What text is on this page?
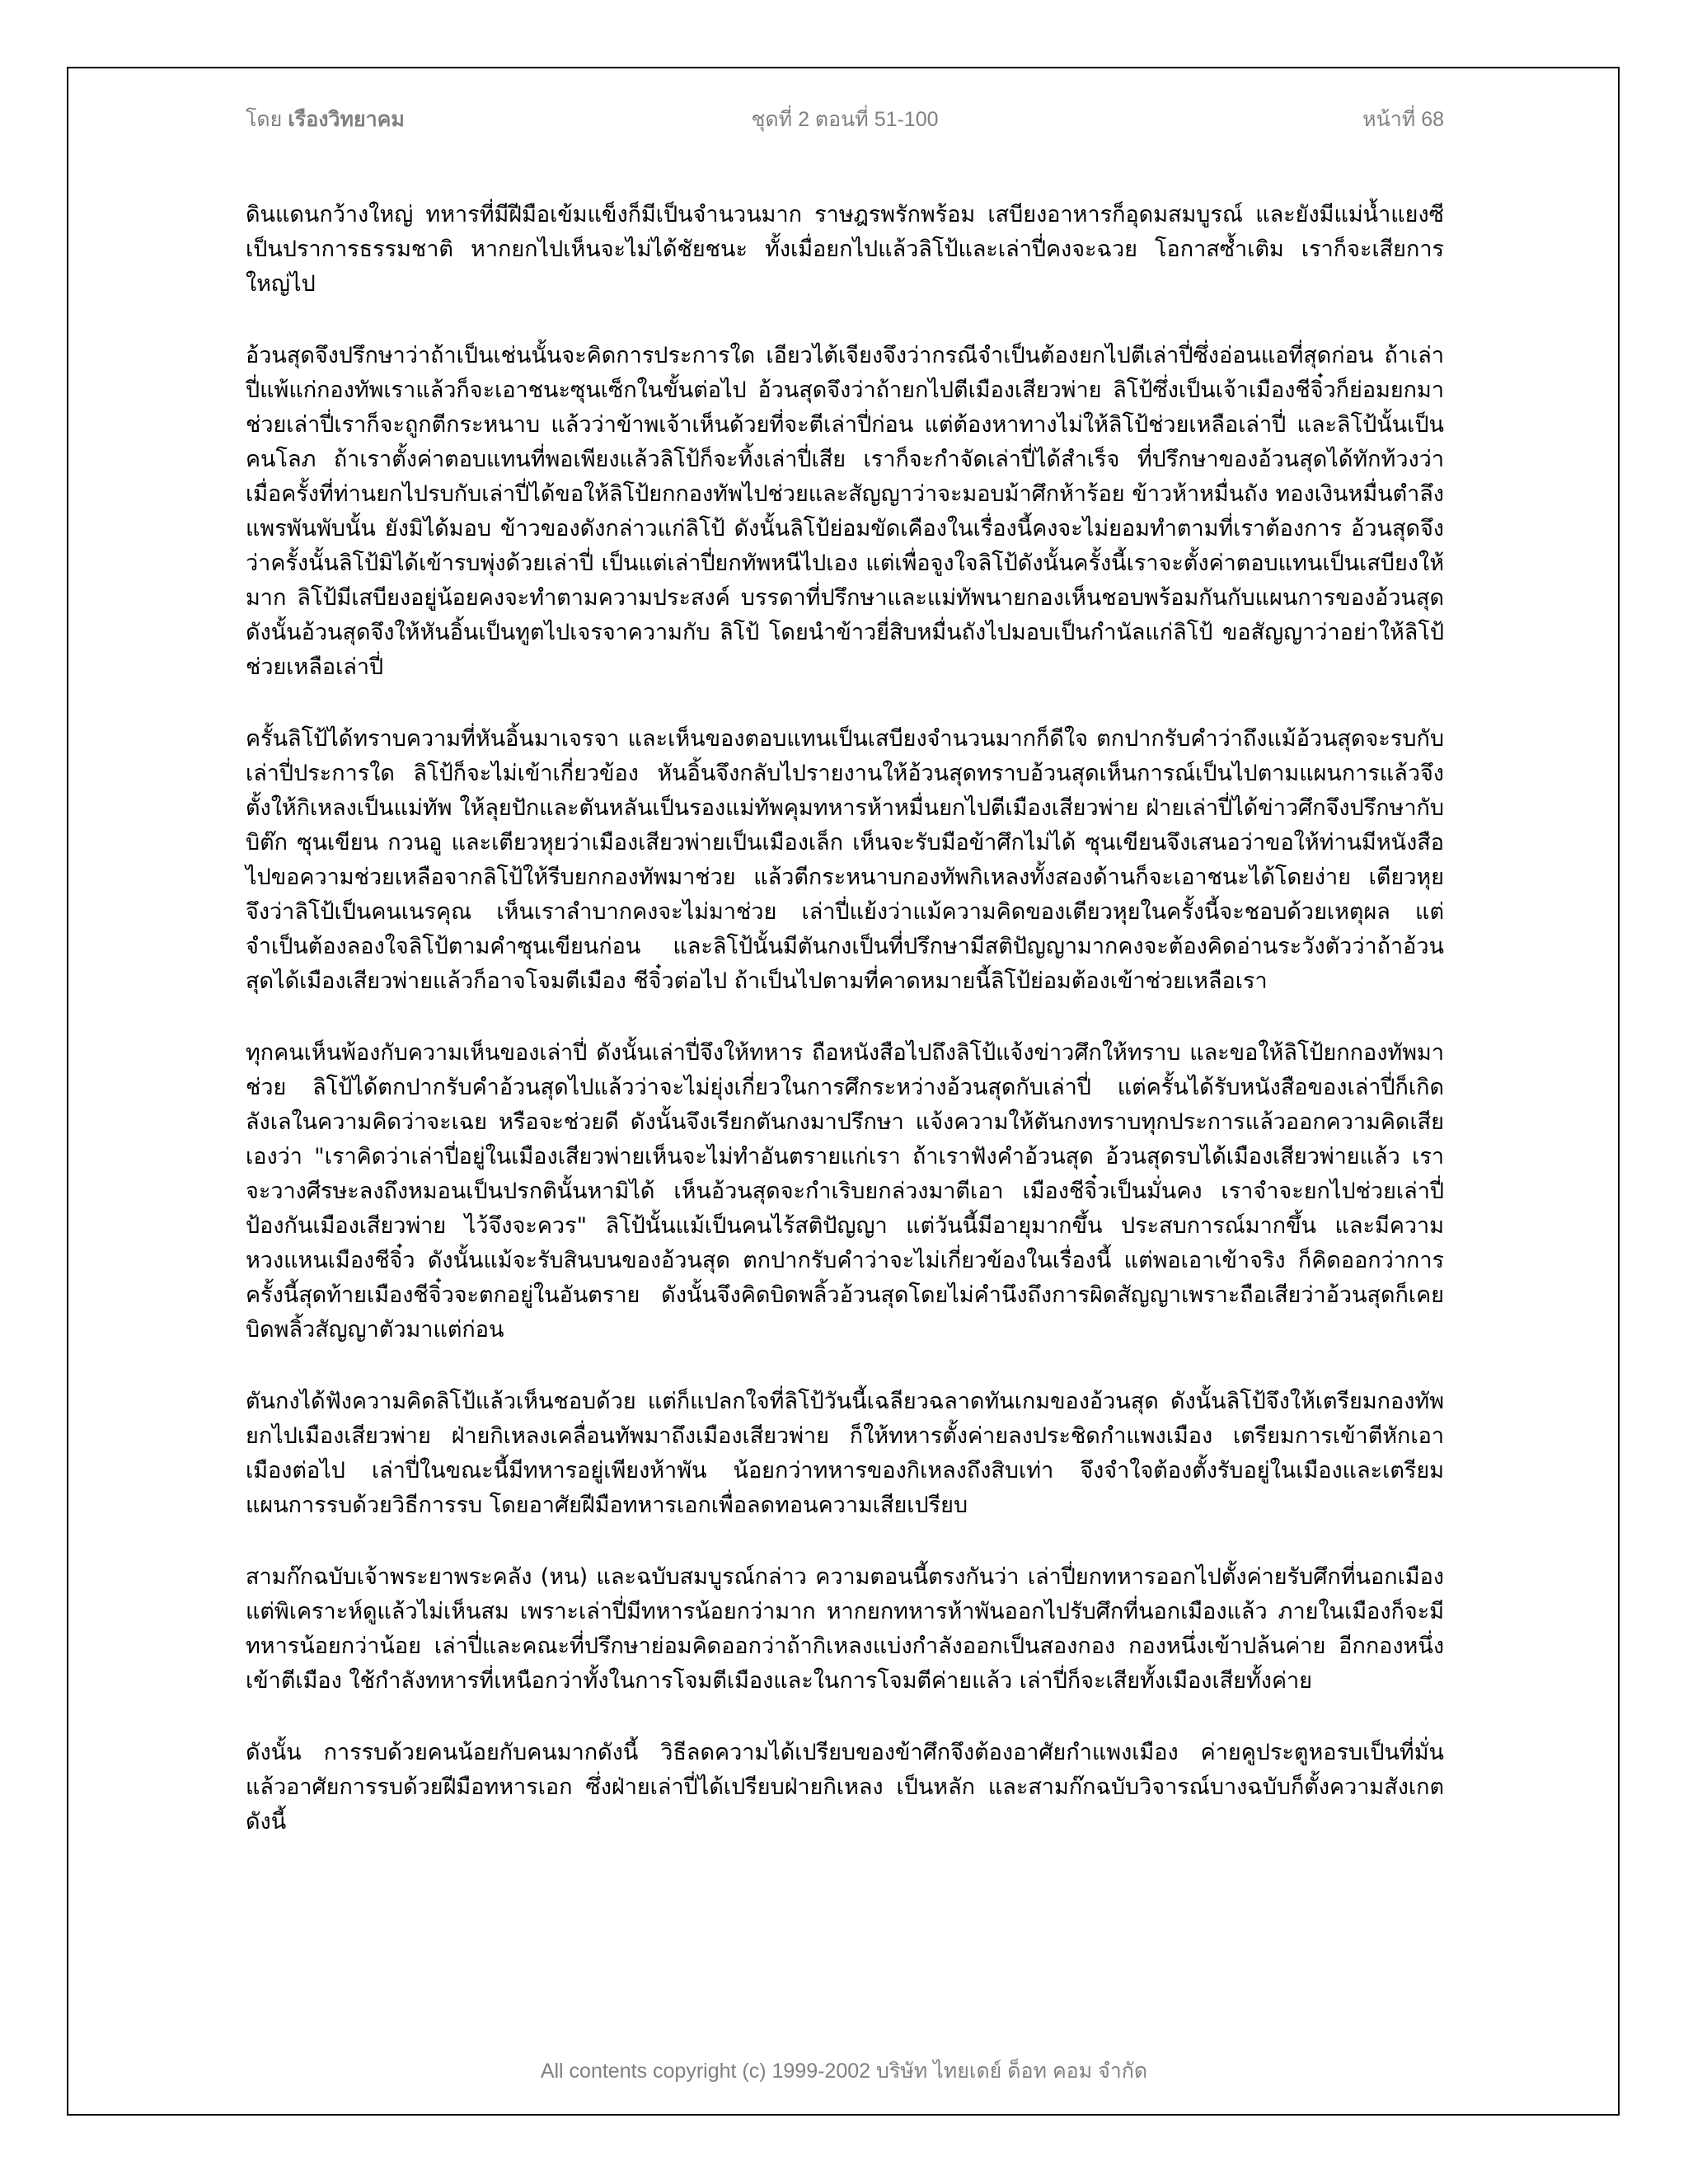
โดย เรืองวิทยาคม	ชุดที่ 2 ตอนที่ 51-100	หน้าที่ 68

ดินแดนกว้างใหญ่ ทหารที่มีฝีมือเข้มแข็งก็มีเป็นจำนวนมาก ราษฎรพรักพร้อม เสบียงอาหารก็อุดมสมบูรณ์ และยังมีแม่น้ำแยงซีเป็นปราการธรรมชาติ หากยกไปเห็นจะไม่ได้ชัยชนะ ทั้งเมื่อยกไปแล้วลิโป้และเล่าปี่คงจะฉวย โอกาสซ้ำเติม เราก็จะเสียการใหญ่ไป

อ้วนสุดจึงปรึกษาว่าถ้าเป็นเช่นนั้นจะคิดการประการใด เอียวไต้เจียงจึงว่ากรณีจำเป็นต้องยกไปตีเล่าปี่ซึ่งอ่อนแอที่สุดก่อน ถ้าเล่าปี่แพ้แก่กองทัพเราแล้วก็จะเอาชนะซุนเซ็กในขั้นต่อไป อ้วนสุดจึงว่าถ้ายกไปตีเมืองเสียวพ่าย ลิโป้ซึ่งเป็นเจ้าเมืองชีจิ๋วก็ย่อมยกมาช่วยเล่าปี่เราก็จะถูกตีกระหนาบ แล้วว่าข้าพเจ้าเห็นด้วยที่จะตีเล่าปี่ก่อน แต่ต้องหาทางไม่ให้ลิโป้ช่วยเหลือเล่าปี่ และลิโป้นั้นเป็นคนโลภ ถ้าเราตั้งค่าตอบแทนที่พอเพียงแล้วลิโป้ก็จะทิ้งเล่าปี่เสีย เราก็จะกำจัดเล่าปี่ได้สำเร็จ ที่ปรึกษาของอ้วนสุดได้ทักท้วงว่า เมื่อครั้งที่ท่านยกไปรบกับเล่าปี่ได้ขอให้ลิโป้ยกกองทัพไปช่วยและสัญญาว่าจะมอบม้าศึกห้าร้อย ข้าวห้าหมื่นถัง ทองเงินหมื่นตำลึง แพรพันพับนั้น ยังมิได้มอบ ข้าวของดังกล่าวแก่ลิโป้ ดังนั้นลิโป้ย่อมขัดเคืองในเรื่องนี้คงจะไม่ยอมทำตามที่เราต้องการ อ้วนสุดจึงว่าครั้งนั้นลิโป้มิได้เข้ารบพุ่งด้วยเล่าปี่ เป็นแต่เล่าปี่ยกทัพหนีไปเอง แต่เพื่อจูงใจลิโป้ดังนั้นครั้งนี้เราจะตั้งค่าตอบแทนเป็นเสบียงให้มาก ลิโป้มีเสบียงอยู่น้อยคงจะทำตามความประสงค์ บรรดาที่ปรึกษาและแม่ทัพนายกองเห็นชอบพร้อมกันกับแผนการของอ้วนสุด ดังนั้นอ้วนสุดจึงให้หันอิ้นเป็นทูตไปเจรจาความกับ ลิโป้ โดยนำข้าวยี่สิบหมื่นถังไปมอบเป็นกำนัลแก่ลิโป้ ขอสัญญาว่าอย่าให้ลิโป้ช่วยเหลือเล่าปี่

ครั้นลิโป้ได้ทราบความที่หันอิ้นมาเจรจา และเห็นของตอบแทนเป็นเสบียงจำนวนมากก็ดีใจ ตกปากรับคำว่าถึงแม้อ้วนสุดจะรบกับเล่าปี่ประการใด ลิโป้ก็จะไม่เข้าเกี่ยวข้อง หันอิ้นจึงกลับไปรายงานให้อ้วนสุดทราบอ้วนสุดเห็นการณ์เป็นไปตามแผนการแล้วจึงตั้งให้กิเหลงเป็นแม่ทัพ ให้ลุยปักและตันหลันเป็นรองแม่ทัพคุมทหารห้าหมื่นยกไปตีเมืองเสียวพ่าย ฝ่ายเล่าปี่ได้ข่าวศึกจึงปรึกษากับบิต๊ก ซุนเขียน กวนอู และเตียวหุยว่าเมืองเสียวพ่ายเป็นเมืองเล็ก เห็นจะรับมือข้าศึกไม่ได้ ซุนเขียนจึงเสนอว่าขอให้ท่านมีหนังสือไปขอความช่วยเหลือจากลิโป้ให้รีบยกกองทัพมาช่วย แล้วตีกระหนาบกองทัพกิเหลงทั้งสองด้านก็จะเอาชนะได้โดยง่าย เตียวหุยจึงว่าลิโป้เป็นคนเนรคุณ เห็นเราลำบากคงจะไม่มาช่วย เล่าปี่แย้งว่าแม้ความคิดของเตียวหุยในครั้งนี้จะชอบด้วยเหตุผล แต่จำเป็นต้องลองใจลิโป้ตามคำซุนเขียนก่อน และลิโป้นั้นมีตันกงเป็นที่ปรึกษามีสติปัญญามากคงจะต้องคิดอ่านระวังตัวว่าถ้าอ้วนสุดได้เมืองเสียวพ่ายแล้วก็อาจโจมตีเมือง ชีจิ๋วต่อไป ถ้าเป็นไปตามที่คาดหมายนี้ลิโป้ย่อมต้องเข้าช่วยเหลือเรา

ทุกคนเห็นพ้องกับความเห็นของเล่าปี่ ดังนั้นเล่าปี่จึงให้ทหาร ถือหนังสือไปถึงลิโป้แจ้งข่าวศึกให้ทราบ และขอให้ลิโป้ยกกองทัพมาช่วย ลิโป้ได้ตกปากรับคำอ้วนสุดไปแล้วว่าจะไม่ยุ่งเกี่ยวในการศึกระหว่างอ้วนสุดกับเล่าปี่ แต่ครั้นได้รับหนังสือของเล่าปี่ก็เกิดลังเลในความคิดว่าจะเฉย หรือจะช่วยดี ดังนั้นจึงเรียกตันกงมาปรึกษา แจ้งความให้ตันกงทราบทุกประการแล้วออกความคิดเสียเองว่า "เราคิดว่าเล่าปี่อยู่ในเมืองเสียวพ่ายเห็นจะไม่ทำอันตรายแก่เรา ถ้าเราฟังคำอ้วนสุด อ้วนสุดรบได้เมืองเสียวพ่ายแล้ว เราจะวางศีรษะลงถึงหมอนเป็นปรกตินั้นหามิได้ เห็นอ้วนสุดจะกำเริบยกล่วงมาตีเอา เมืองชีจิ๋วเป็นมั่นคง เราจำจะยกไปช่วยเล่าปี่ป้องกันเมืองเสียวพ่าย ไว้จึงจะควร" ลิโป้นั้นแม้เป็นคนไร้สติปัญญา แต่วันนี้มีอายุมากขึ้น ประสบการณ์มากขึ้น และมีความหวงแหนเมืองชีจิ๋ว ดังนั้นแม้จะรับสินบนของอ้วนสุด ตกปากรับคำว่าจะไม่เกี่ยวข้องในเรื่องนี้ แต่พอเอาเข้าจริง ก็คิดออกว่าการครั้งนี้สุดท้ายเมืองชีจิ๋วจะตกอยู่ในอันตราย ดังนั้นจึงคิดบิดพลิ้วอ้วนสุดโดยไม่คำนึงถึงการผิดสัญญาเพราะถือเสียว่าอ้วนสุดก็เคยบิดพลิ้วสัญญาตัวมาแต่ก่อน

ตันกงได้ฟังความคิดลิโป้แล้วเห็นชอบด้วย แต่ก็แปลกใจที่ลิโป้วันนี้เฉลียวฉลาดทันเกมของอ้วนสุด ดังนั้นลิโป้จึงให้เตรียมกองทัพยกไปเมืองเสียวพ่าย ฝ่ายกิเหลงเคลื่อนทัพมาถึงเมืองเสียวพ่าย ก็ให้ทหารตั้งค่ายลงประชิดกำแพงเมือง เตรียมการเข้าตีหักเอาเมืองต่อไป เล่าปี่ในขณะนี้มีทหารอยู่เพียงห้าพัน น้อยกว่าทหารของกิเหลงถึงสิบเท่า จึงจำใจต้องตั้งรับอยู่ในเมืองและเตรียมแผนการรบด้วยวิธีการรบ โดยอาศัยฝีมือทหารเอกเพื่อลดทอนความเสียเปรียบ

สามก๊กฉบับเจ้าพระยาพระคลัง (หน) และฉบับสมบูรณ์กล่าว ความตอนนี้ตรงกันว่า เล่าปี่ยกทหารออกไปตั้งค่ายรับศึกที่นอกเมือง แต่พิเคราะห์ดูแล้วไม่เห็นสม เพราะเล่าปี่มีทหารน้อยกว่ามาก หากยกทหารห้าพันออกไปรับศึกที่นอกเมืองแล้ว ภายในเมืองก็จะมีทหารน้อยกว่าน้อย เล่าปี่และคณะที่ปรึกษาย่อมคิดออกว่าถ้ากิเหลงแบ่งกำลังออกเป็นสองกอง กองหนึ่งเข้าปล้นค่าย อีกกองหนึ่งเข้าตีเมือง ใช้กำลังทหารที่เหนือกว่าทั้งในการโจมตีเมืองและในการโจมตีค่ายแล้ว เล่าปี่ก็จะเสียทั้งเมืองเสียทั้งค่าย

ดังนั้น การรบด้วยคนน้อยกับคนมากดังนี้ วิธีลดความได้เปรียบของข้าศึกจึงต้องอาศัยกำแพงเมือง ค่ายคูประตูหอรบเป็นที่มั่น แล้วอาศัยการรบด้วยฝีมือทหารเอก ซึ่งฝ่ายเล่าปี่ได้เปรียบฝ่ายกิเหลง เป็นหลัก และสามก๊กฉบับวิจารณ์บางฉบับก็ตั้งความสังเกตดังนี้

All contents copyright (c) 1999-2002 บริษัท ไทยเดย์ ด็อท คอม จำกัด
